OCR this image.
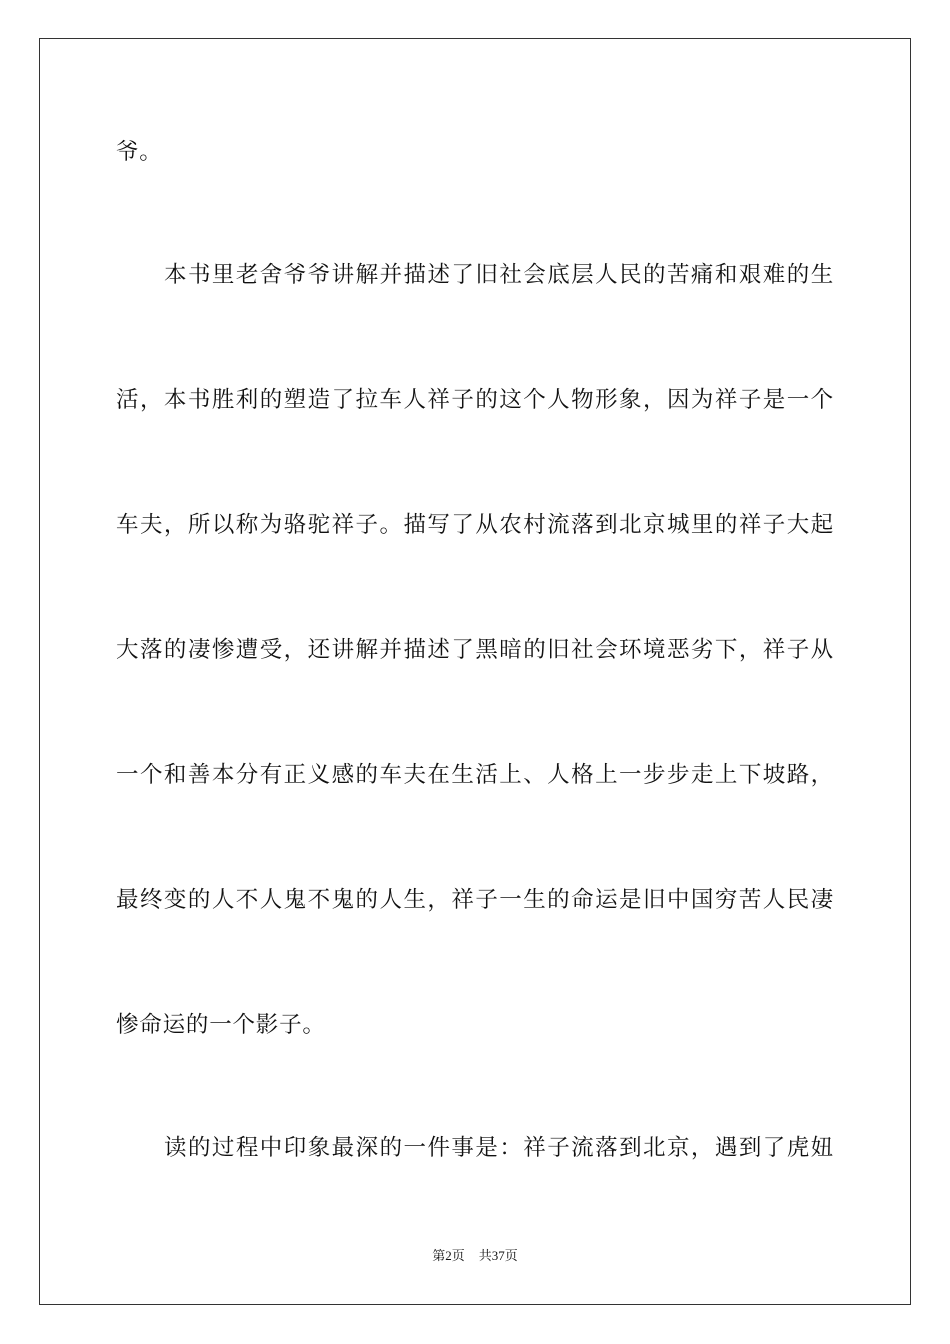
爷。
本书里老舍爷爷讲解并描述了旧社会底层人民的苦痛和艰难的生
活，本书胜利的塑造了拉车人祥子的这个人物形象，因为祥子是一个
车夫，所以称为骆驼祥子。描写了从农村流落到北京城里的祥子大起
大落的凄惨遭受，还讲解并描述了黑暗的旧社会环境恶劣下，祥子从
一个和善本分有正义感的车夫在生活上、人格上一步步走上下坡路，
最终变的人不人鬼不鬼的人生，祥子一生的命运是旧中国穷苦人民凄
惨命运的一个影子。
读的过程中印象最深的一件事是：祥子流落到北京，遇到了虎妞
第2页 共37页
